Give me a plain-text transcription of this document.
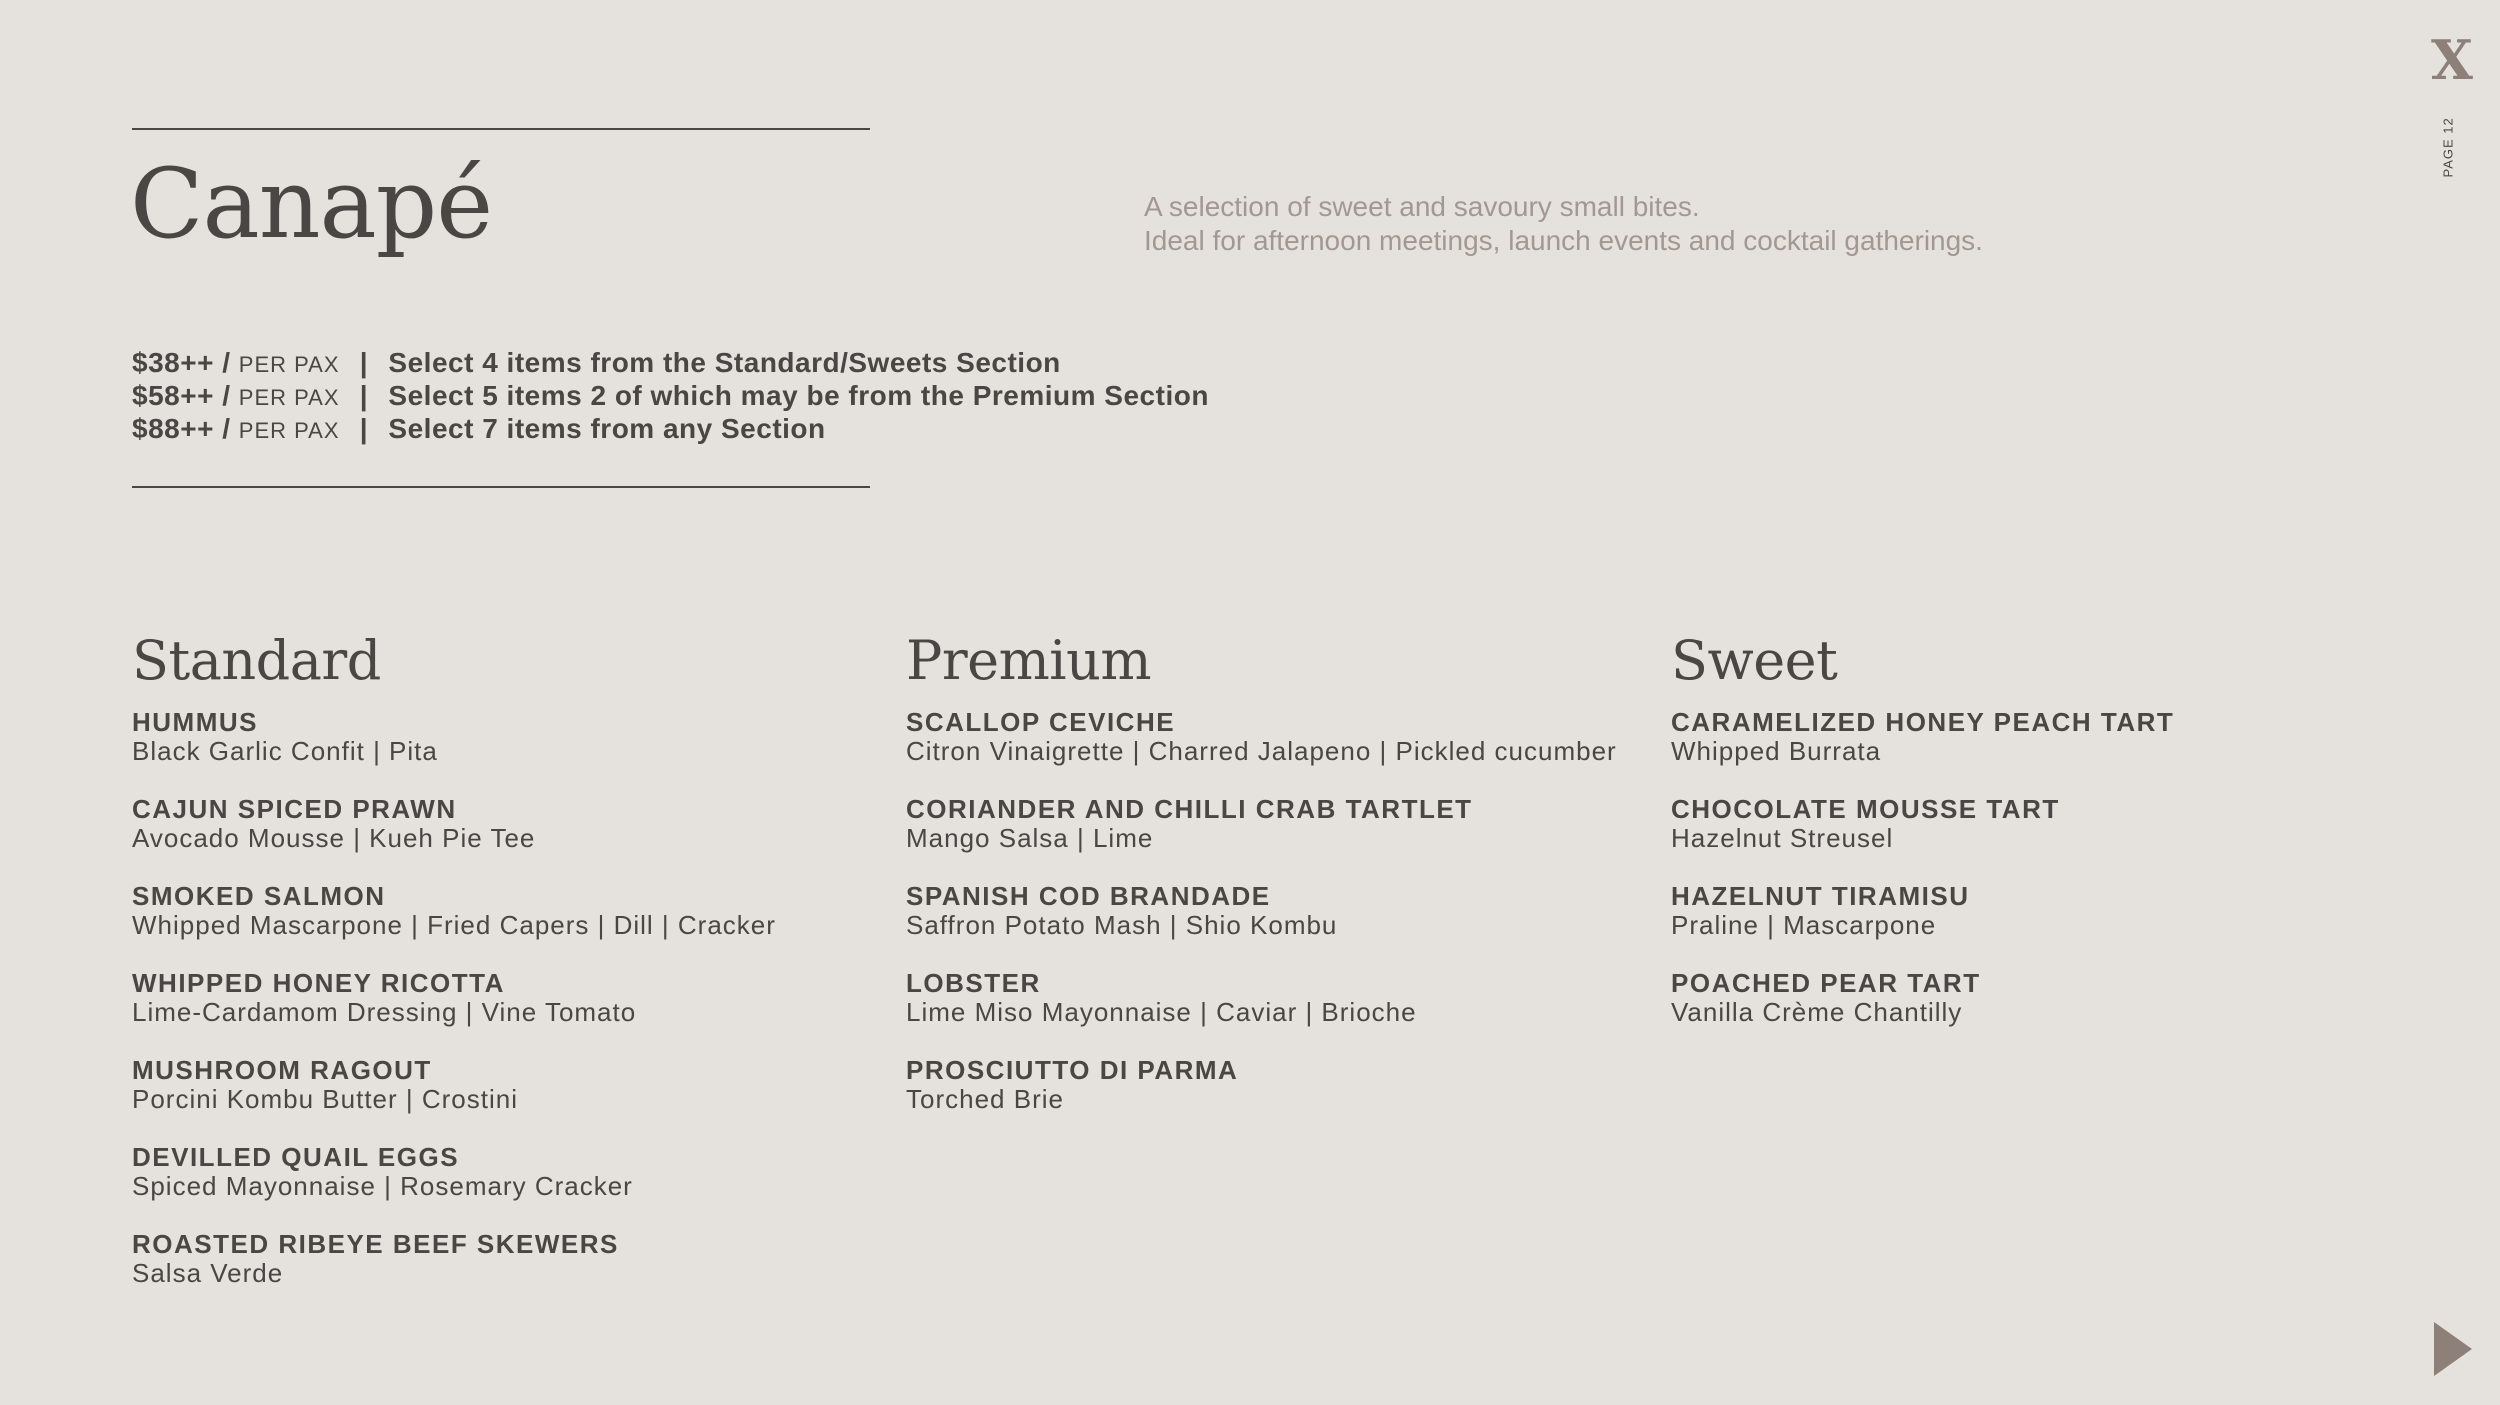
Canapé	A selection of sweet and savoury small bites.
Ideal for afternoon meetings, launch events and cocktail gatherings.
$38++ / PER PAX | Select 4 items from the Standard/Sweets Section
$58++ / PER PAX | Select 5 items 2 of which may be from the Premium Section
$88++ / PER PAX | Select 7 items from any Section
Standard
HUMMUS
Black Garlic Confit | Pita
CAJUN SPICED PRAWN
Avocado Mousse | Kueh Pie Tee
SMOKED SALMON
Whipped Mascarpone | Fried Capers | Dill | Cracker
WHIPPED HONEY RICOTTA
Lime-Cardamom Dressing | Vine Tomato
MUSHROOM RAGOUT
Porcini Kombu Butter | Crostini
DEVILLED QUAIL EGGS
Spiced Mayonnaise | Rosemary Cracker
ROASTED RIBEYE BEEF SKEWERS
Salsa Verde
Premium
SCALLOP CEVICHE
Citron Vinaigrette | Charred Jalapeno | Pickled cucumber
CORIANDER AND CHILLI CRAB TARTLET
Mango Salsa | Lime
SPANISH COD BRANDADE
Saffron Potato Mash | Shio Kombu
LOBSTER
Lime Miso Mayonnaise | Caviar | Brioche
PROSCIUTTO DI PARMA
Torched Brie
Sweet
CARAMELIZED HONEY PEACH TART
Whipped Burrata
CHOCOLATE MOUSSE TART
Hazelnut Streusel
HAZELNUT TIRAMISU
Praline | Mascarpone
POACHED PEAR TART
Vanilla Crème Chantilly
X
PAGE 12
